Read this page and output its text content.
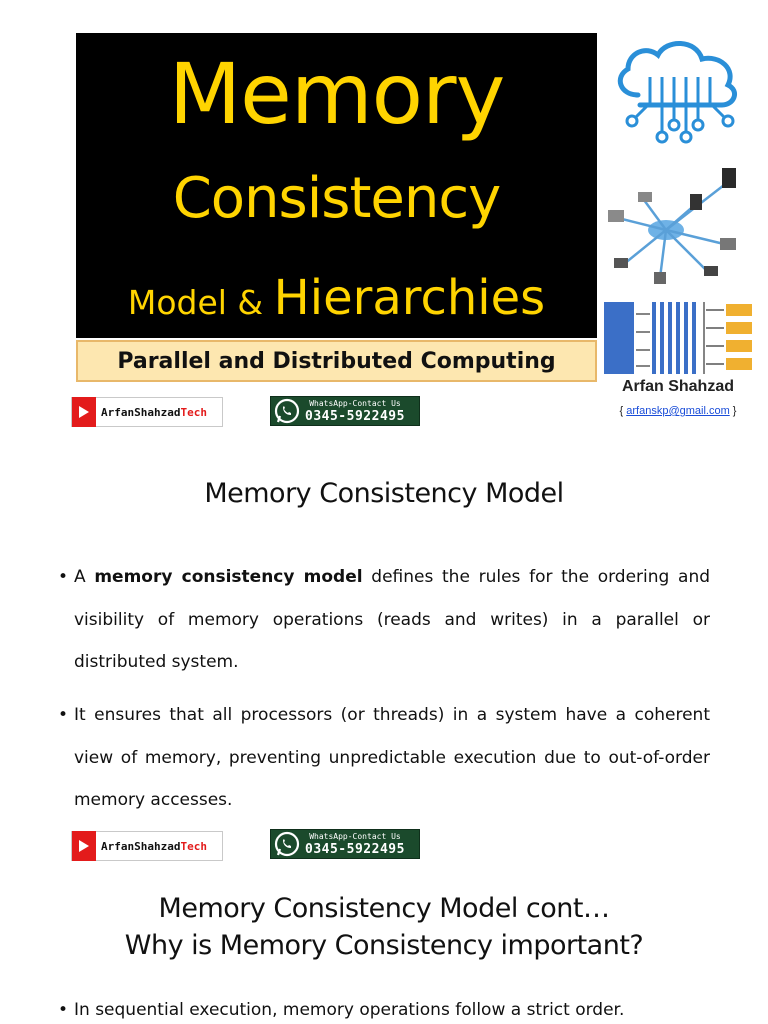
Memory
Consistency
Model & Hierarchies
Parallel and Distributed Computing
Arfan Shahzad
{ arfanskp@gmail.com }
ArfanShahzadTech
WhatsApp-Contact Us
0345-5922495
Memory Consistency Model
• A memory consistency model defines the rules for the ordering and visibility of memory operations (reads and writes) in a parallel or distributed system.
• It ensures that all processors (or threads) in a system have a coherent view of memory, preventing unpredictable execution due to out-of-order memory accesses.
ArfanShahzadTech
WhatsApp-Contact Us
0345-5922495
Memory Consistency Model cont…
Why is Memory Consistency important?
• In sequential execution, memory operations follow a strict order.
